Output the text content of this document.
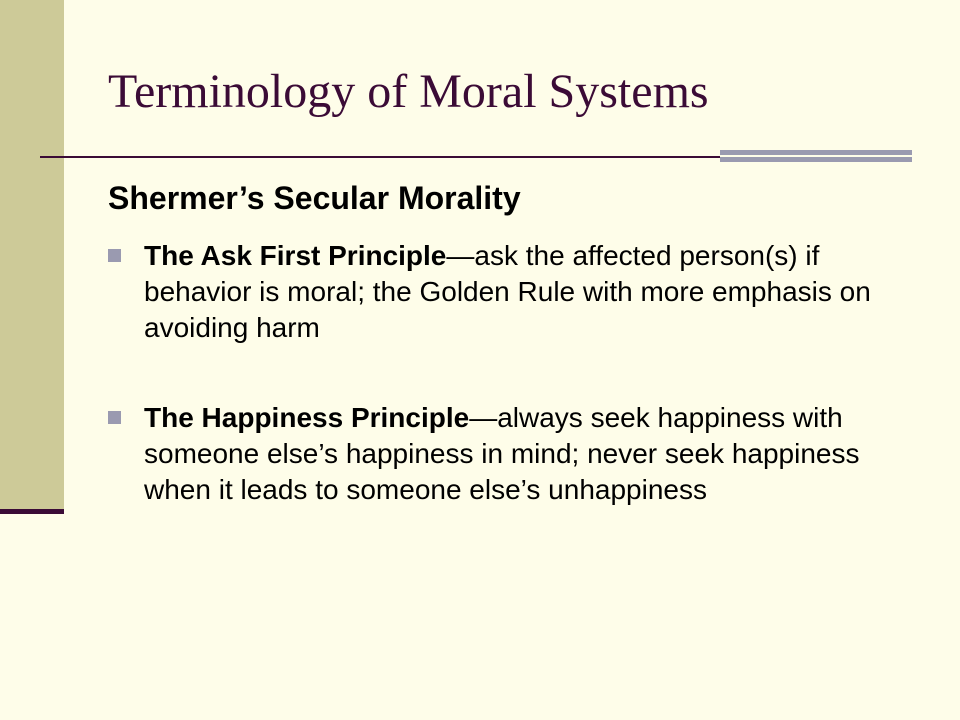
Terminology of Moral Systems
Shermer’s Secular Morality
The Ask First Principle—ask the affected person(s) if behavior is moral; the Golden Rule with more emphasis on avoiding harm
The Happiness Principle—always seek happiness with someone else’s happiness in mind; never seek happiness when it leads to someone else’s unhappiness
